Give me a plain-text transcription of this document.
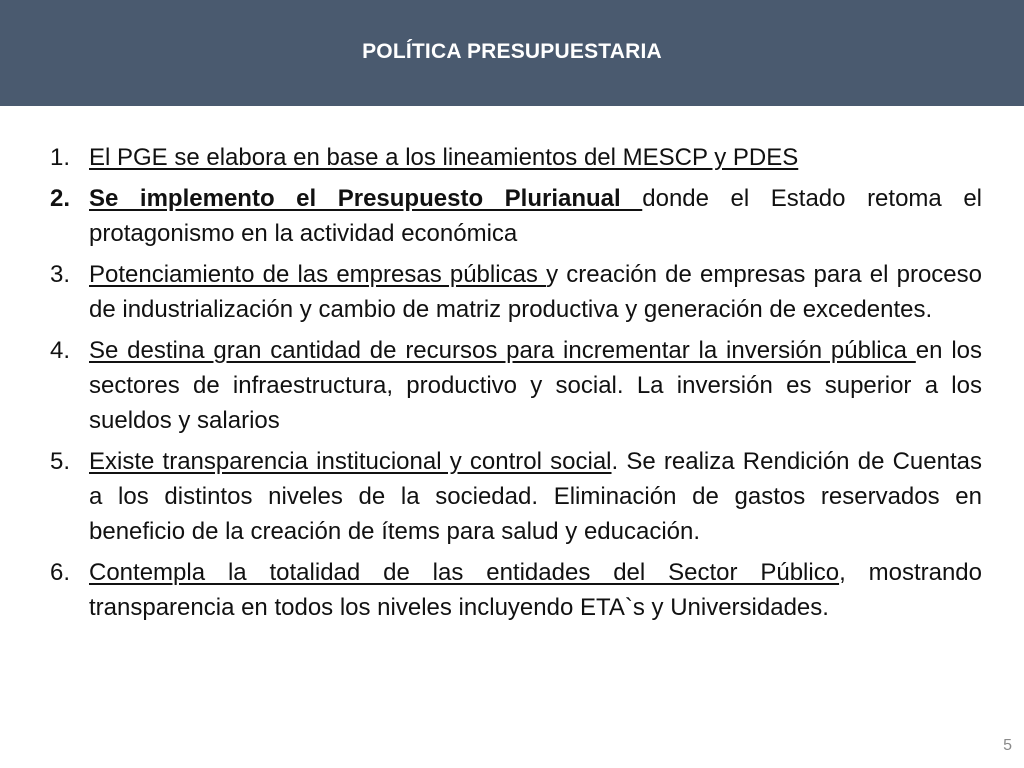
POLÍTICA PRESUPUESTARIA
1. El PGE se elabora en base a los lineamientos del MESCP y PDES
2. Se implemento el Presupuesto Plurianual donde el Estado retoma el protagonismo en la actividad económica
3. Potenciamiento de las empresas públicas y creación de empresas para el proceso de industrialización y cambio de matriz productiva y generación de excedentes.
4. Se destina gran cantidad de recursos para incrementar la inversión pública en los sectores de infraestructura, productivo y social. La inversión es superior a los sueldos y salarios
5. Existe transparencia institucional y control social. Se realiza Rendición de Cuentas a los distintos niveles de la sociedad. Eliminación de gastos reservados en beneficio de la creación de ítems para salud y educación.
6. Contempla la totalidad de las entidades del Sector Público, mostrando transparencia en todos los niveles incluyendo ETA`s y Universidades.
5
